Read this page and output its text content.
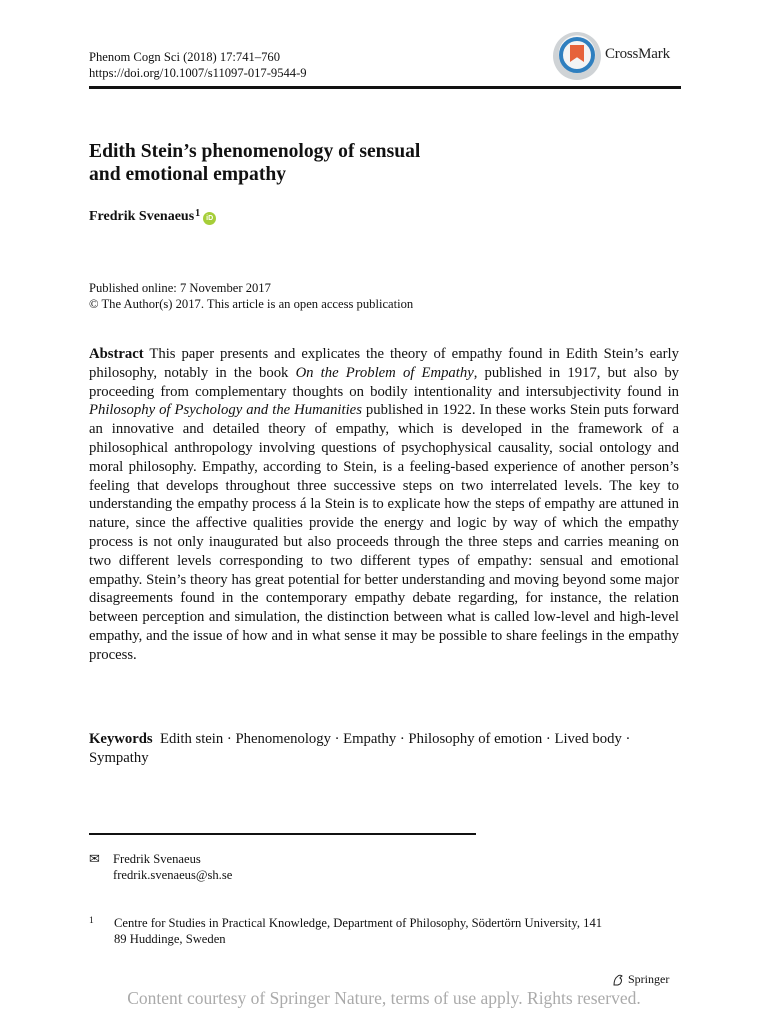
Phenom Cogn Sci (2018) 17:741–760
https://doi.org/10.1007/s11097-017-9544-9
CrossMark
Edith Stein’s phenomenology of sensual
and emotional empathy
Fredrik Svenaeus$^1$ iD
Published online: 7 November 2017
© The Author(s) 2017. This article is an open access publication
Abstract This paper presents and explicates the theory of empathy found in Edith Stein’s early philosophy, notably in the book On the Problem of Empathy, published in 1917, but also by proceeding from complementary thoughts on bodily intentionality and intersubjectivity found in Philosophy of Psychology and the Humanities published in 1922. In these works Stein puts forward an innovative and detailed theory of empathy, which is developed in the framework of a philosophical anthropology involving questions of psychophysical causality, social ontology and moral philosophy. Empathy, according to Stein, is a feeling-based experience of another person’s feeling that develops throughout three successive steps on two interrelated levels. The key to understanding the empathy process á la Stein is to explicate how the steps of empathy are attuned in nature, since the affective qualities provide the energy and logic by way of which the empathy process is not only inaugurated but also proceeds through the three steps and carries meaning on two different levels corresponding to two different types of empathy: sensual and emotional empathy. Stein’s theory has great potential for better understanding and moving beyond some major disagreements found in the contemporary empathy debate regarding, for instance, the relation between perception and simulation, the distinction between what is called low-level and high-level empathy, and the issue of how and in what sense it may be possible to share feelings in the empathy process.
Keywords Edith stein · Phenomenology · Empathy · Philosophy of emotion · Lived body · Sympathy
✉	Fredrik Svenaeus
fredrik.svenaeus@sh.se
1	Centre for Studies in Practical Knowledge, Department of Philosophy, Södertörn University, 141
89 Huddinge, Sweden
Springer
Content courtesy of Springer Nature, terms of use apply. Rights reserved.
